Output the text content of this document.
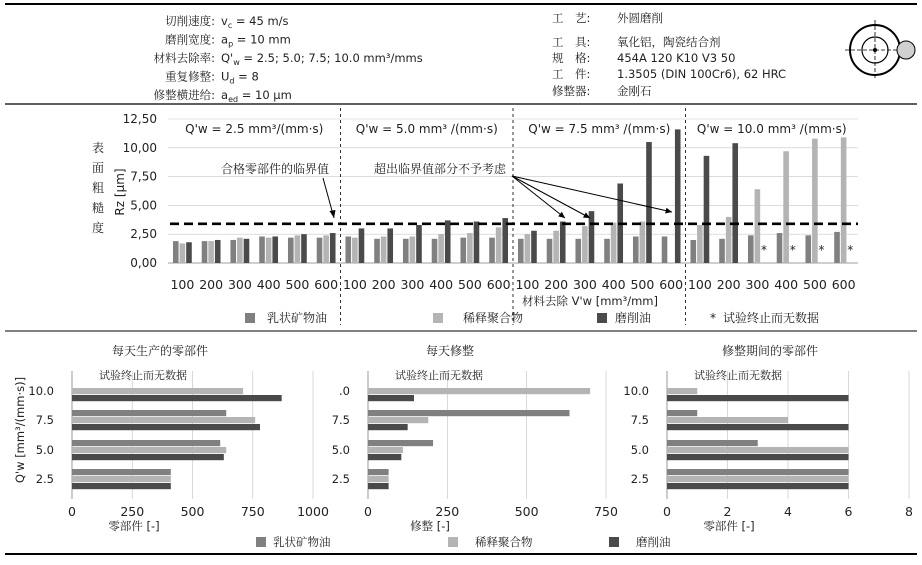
切削速度: $v_c = 45$ m/s
磨削宽度: $a_p = 10$ mm
材料去除率: $Q'_w = 2.5$; 5.0; 7.5; 10.0 mm³/mms
重复修整: $U_d = 8$
修整横进给: $a_{ed} = 10$ µm
工　艺: 外圆磨削
工　具: 氧化铝，陶瓷结合剂
规　格: 454A 120 K10 V3 50
工　件: 1.3505 (DIN 100Cr6), 62 HRC
修整器: 金刚石
0,00
2,50
5,00
7,50
10,00
12,50
表
面
粗
糙
度
Rz [µm]
Q'w = 2.5 mm³/(mm·s)
100 200 300 400 500 600
Q'w = 5.0 mm³ /(mm·s)
100 200 300 400 500 600
Q'w = 7.5 mm³ /(mm·s)
100 200 300 400 500 600
Q'w = 10.0 mm³ /(mm·s)
100 200 300
*
400
*
500
*
600
*
合格零部件的临界值	超出临界值部分不予考虑
材料去除 V'w [mm³/mm]
乳状矿物油	稀释聚合物	磨削油	* 试验终止而无数据
每天生产的零部件
0	250	500	750	1000
零部件 [-]
试验终止而无数据
10.0
7.5
5.0
2.5
每天修整
0	250	500	750
修整 [-]
试验终止而无数据
.0
7.5
5.0
2.5
修整期间的零部件
0	2	4	6	8
零部件 [-]
试验终止而无数据
10.0
7.5
5.0
2.5
Q'w [mm³/(mm·s)]
乳状矿物油	稀释聚合物	磨削油
